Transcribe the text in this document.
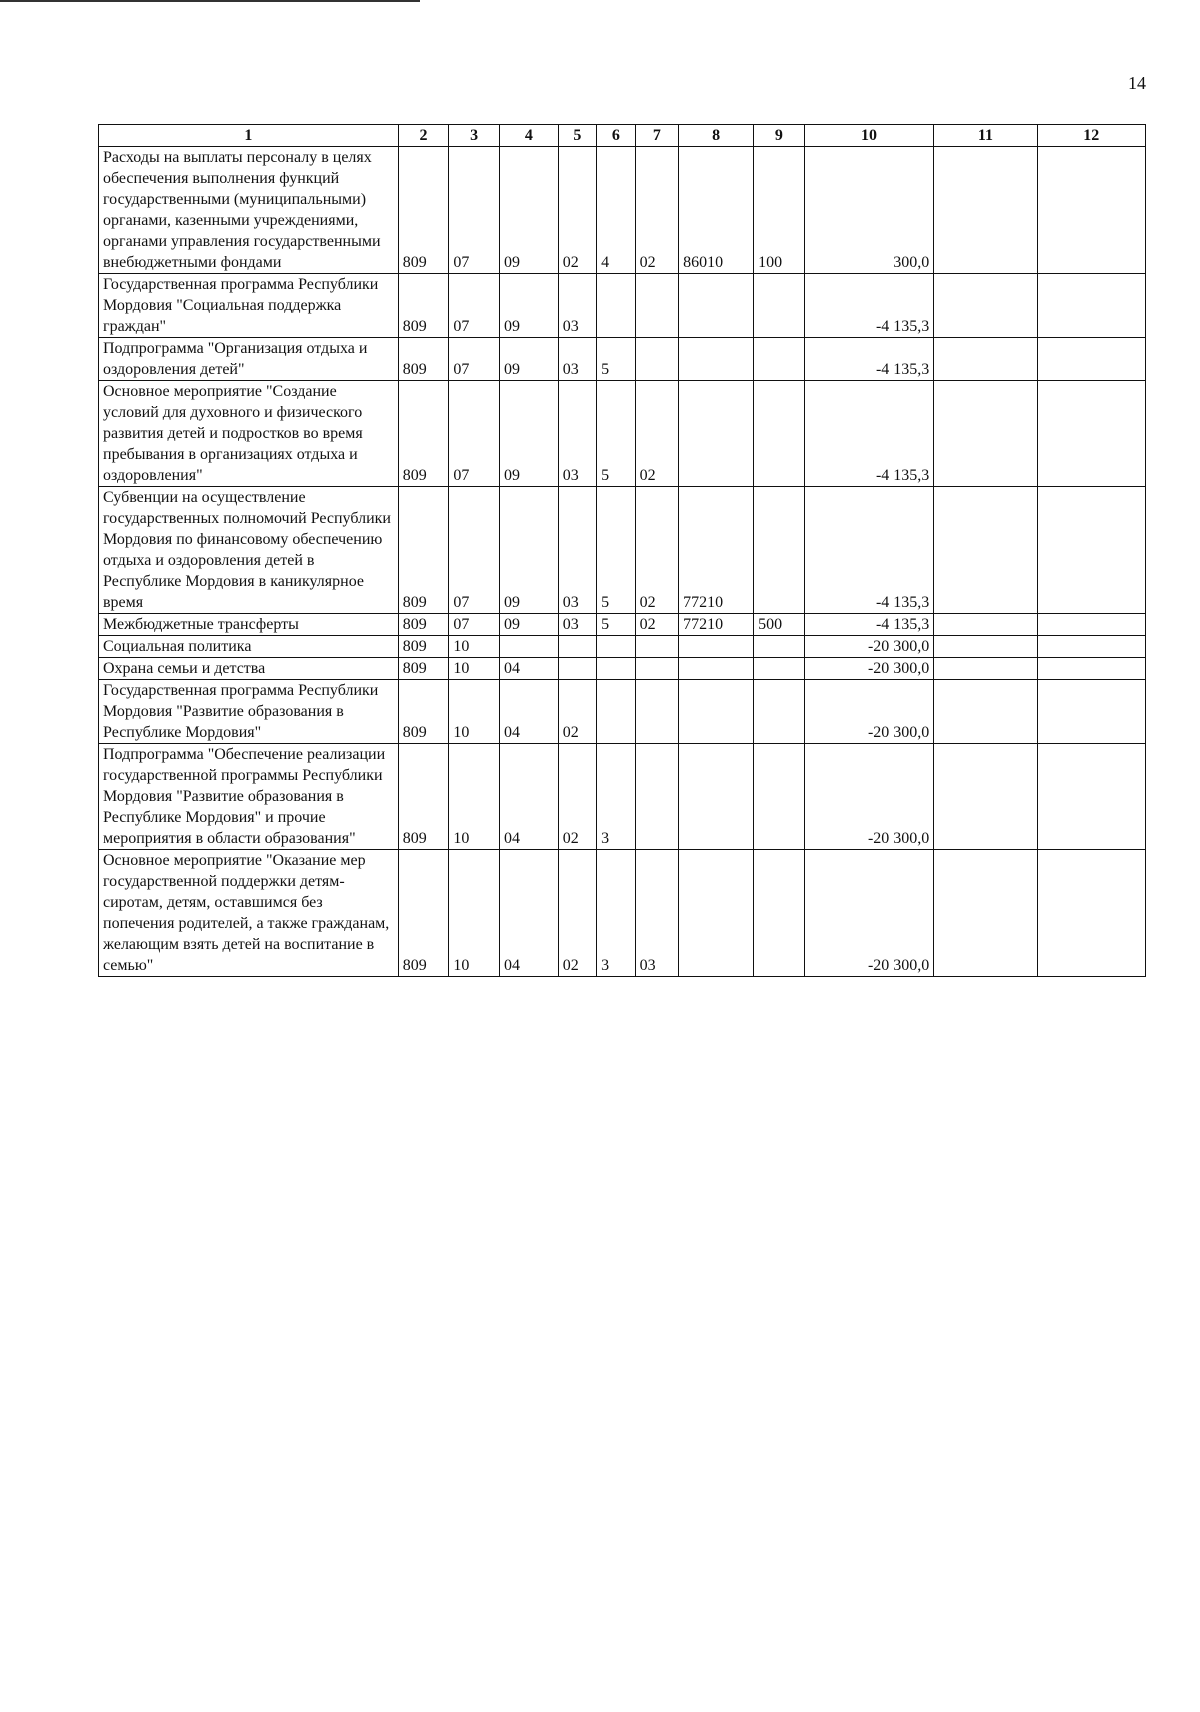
14
1	2	3	4	5	6	7	8	9	10	11	12
Расходы на выплаты персоналу в целях обеспечения выполнения функций государственными (муниципальными) органами, казенными учреждениями, органами управления государственными внебюджетными фондами	809	07	09	02	4	02	86010	100	300,0		
Государственная программа Республики Мордовия "Социальная поддержка граждан"	809	07	09	03					-4 135,3		
Подпрограмма "Организация отдыха и оздоровления детей"	809	07	09	03	5				-4 135,3		
Основное мероприятие "Создание условий для духовного и физического развития детей и подростков во время пребывания в организациях отдыха и оздоровления"	809	07	09	03	5	02			-4 135,3		
Субвенции на осуществление государственных полномочий Республики Мордовия по финансовому обеспечению отдыха и оздоровления детей в Республике Мордовия в каникулярное время	809	07	09	03	5	02	77210		-4 135,3		
Межбюджетные трансферты	809	07	09	03	5	02	77210	500	-4 135,3		
Социальная политика	809	10							-20 300,0		
Охрана семьи и детства	809	10	04						-20 300,0		
Государственная программа Республики Мордовия "Развитие образования в Республике Мордовия"	809	10	04	02					-20 300,0		
Подпрограмма "Обеспечение реализации государственной программы Республики Мордовия "Развитие образования в Республике Мордовия" и прочие мероприятия в области образования"	809	10	04	02	3				-20 300,0		
Основное мероприятие "Оказание мер государственной поддержки детям-сиротам, детям, оставшимся без попечения родителей, а также гражданам, желающим взять детей на воспитание в семью"	809	10	04	02	3	03			-20 300,0		
